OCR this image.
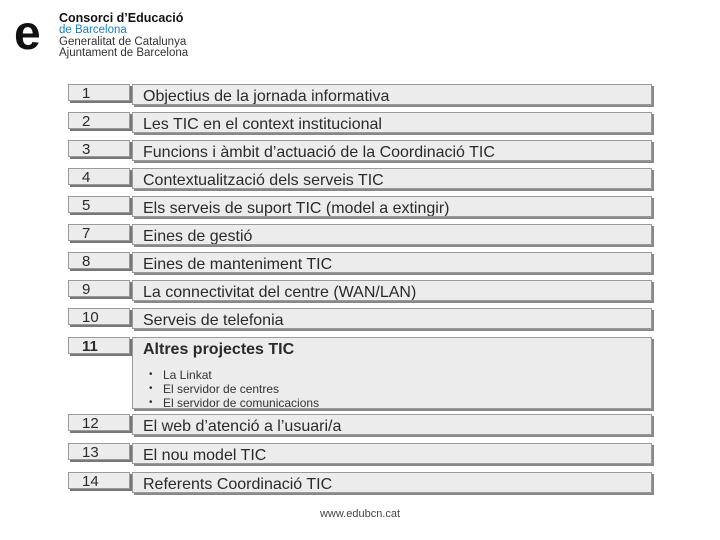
e Consorci d’Educació
de Barcelona
Generalitat de Catalunya
Ajuntament de Barcelona
1	Objectius de la jornada informativa
2	Les TIC en el context institucional
3	Funcions i àmbit d’actuació de la Coordinació TIC
4	Contextualització dels serveis TIC
5	Els serveis de suport TIC (model a extingir)
7	Eines de gestió
8	Eines de manteniment TIC
9	La connectivitat del centre (WAN/LAN)
10	Serveis de telefonia
11	Altres projectes TIC
• La Linkat
• El servidor de centres
• El servidor de comunicacions
12	El web d’atenció a l’usuari/a
13	El nou model TIC
14	Referents Coordinació TIC
www.edubcn.cat
